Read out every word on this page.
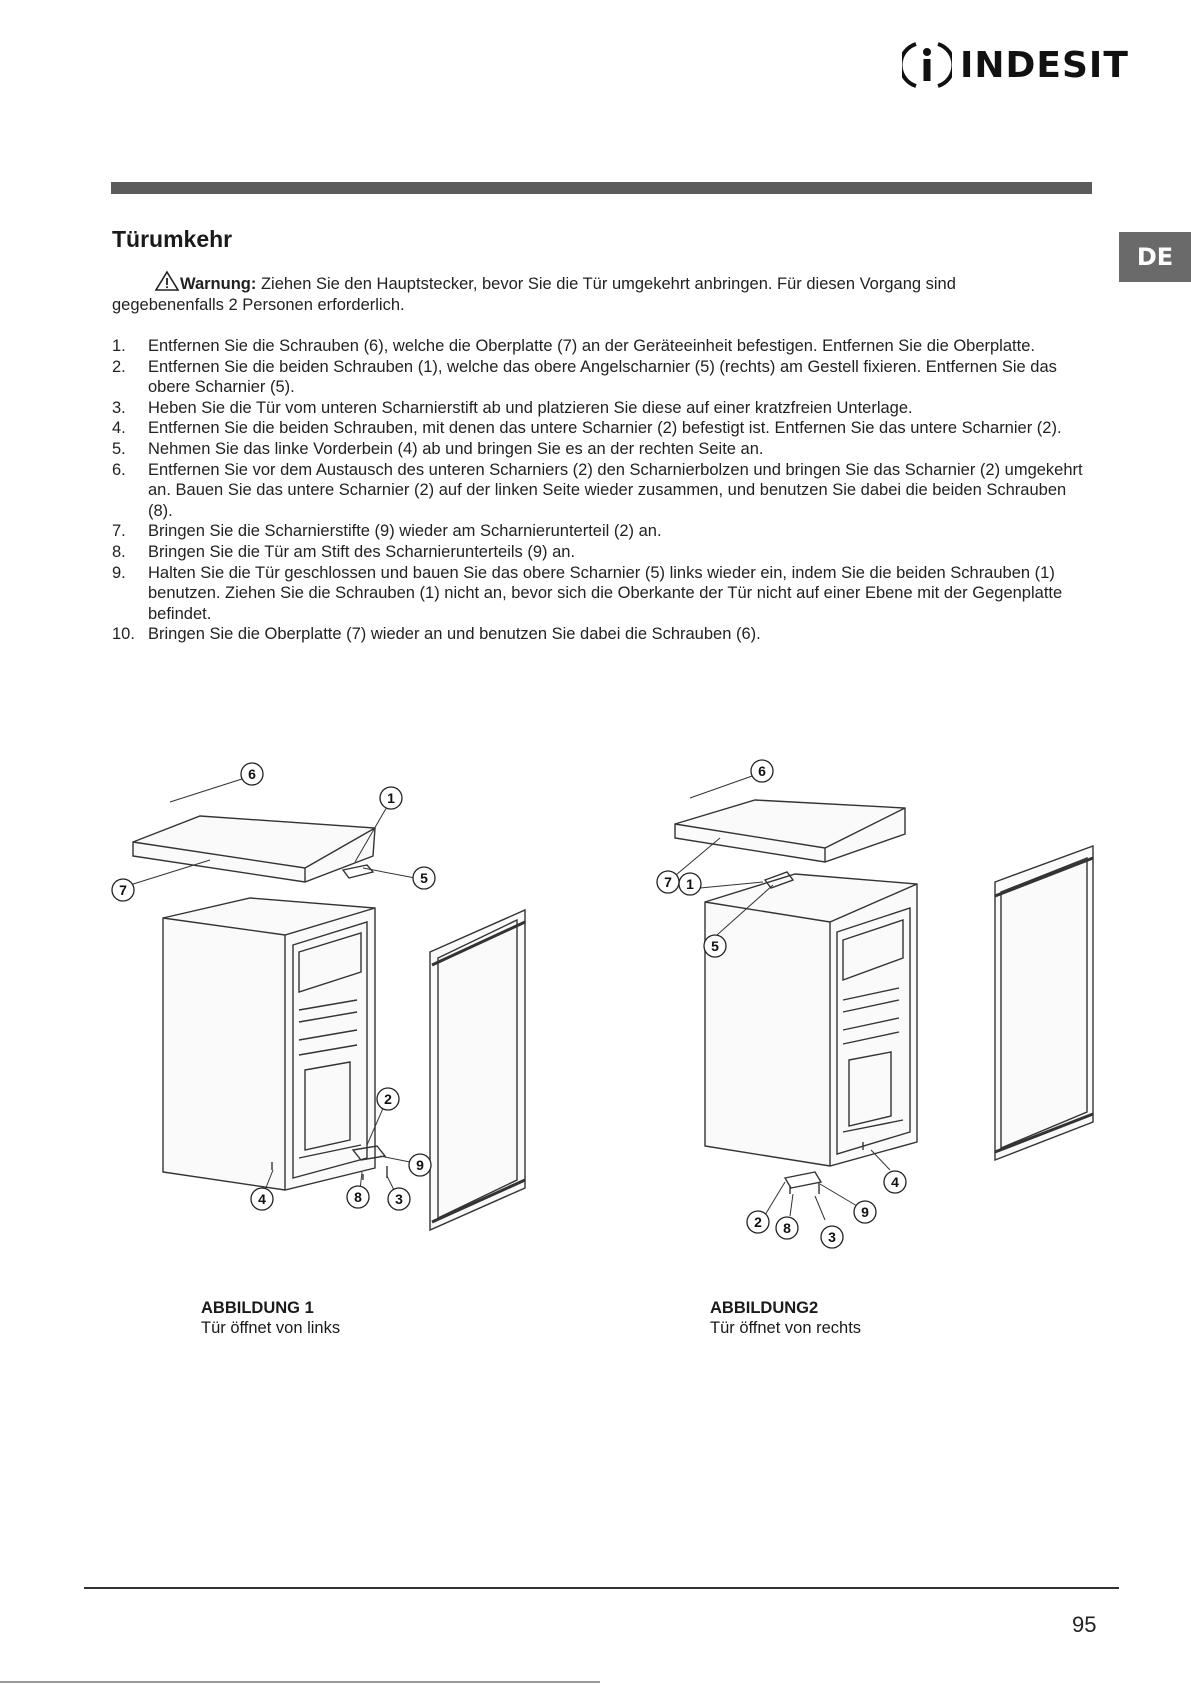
INDESIT
DE
Türumkehr

Warnung: Ziehen Sie den Hauptstecker, bevor Sie die Tür umgekehrt anbringen. Für diesen Vorgang sind gegebenenfalls 2 Personen erforderlich.

1. Entfernen Sie die Schrauben (6), welche die Oberplatte (7) an der Geräteeinheit befestigen. Entfernen Sie die Oberplatte.
2. Entfernen Sie die beiden Schrauben (1), welche das obere Angelscharnier (5) (rechts) am Gestell fixieren. Entfernen Sie das obere Scharnier (5).
3. Heben Sie die Tür vom unteren Scharnierstift ab und platzieren Sie diese auf einer kratzfreien Unterlage.
4. Entfernen Sie die beiden Schrauben, mit denen das untere Scharnier (2) befestigt ist. Entfernen Sie das untere Scharnier (2).
5. Nehmen Sie das linke Vorderbein (4) ab und bringen Sie es an der rechten Seite an.
6. Entfernen Sie vor dem Austausch des unteren Scharniers (2) den Scharnierbolzen und bringen Sie das Scharnier (2) umgekehrt an. Bauen Sie das untere Scharnier (2) auf der linken Seite wieder zusammen, und benutzen Sie dabei die beiden Schrauben (8).
7. Bringen Sie die Scharnierstifte (9) wieder am Scharnierunterteil (2) an.
8. Bringen Sie die Tür am Stift des Scharnierunterteils (9) an.
9. Halten Sie die Tür geschlossen und bauen Sie das obere Scharnier (5) links wieder ein, indem Sie die beiden Schrauben (1) benutzen. Ziehen Sie die Schrauben (1) nicht an, bevor sich die Oberkante der Tür nicht auf einer Ebene mit der Gegenplatte befindet.
10. Bringen Sie die Oberplatte (7) wieder an und benutzen Sie dabei die Schrauben (6).
6
1
7
5
2
9
8 3
4
6
7 1
5
4
2
9
8
3
ABBILDUNG 1
Tür öffnet von links
ABBILDUNG2
Tür öffnet von rechts
95
